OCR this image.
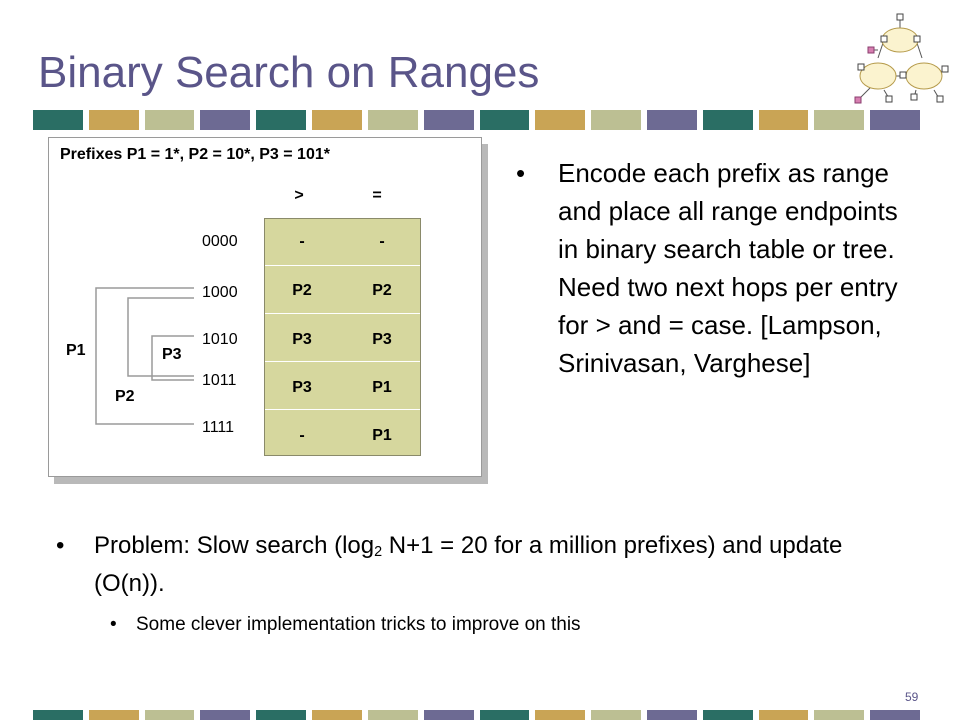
Binary Search on Ranges
Prefixes P1 = 1*, P2 = 10*, P3 = 101*
>	=
0000	-	-
1000	P2	P2
1010	P3	P3
1011	P3	P1
1111	-	P1
P1
P2
P3
• Encode each prefix as range and place all range endpoints in binary search table or tree. Need two next hops per entry for > and = case. [Lampson, Srinivasan, Varghese]
• Problem: Slow search ($\log_2$ N+1 = 20 for a million prefixes) and update (O(n)).
• Some clever implementation tricks to improve on this
59
